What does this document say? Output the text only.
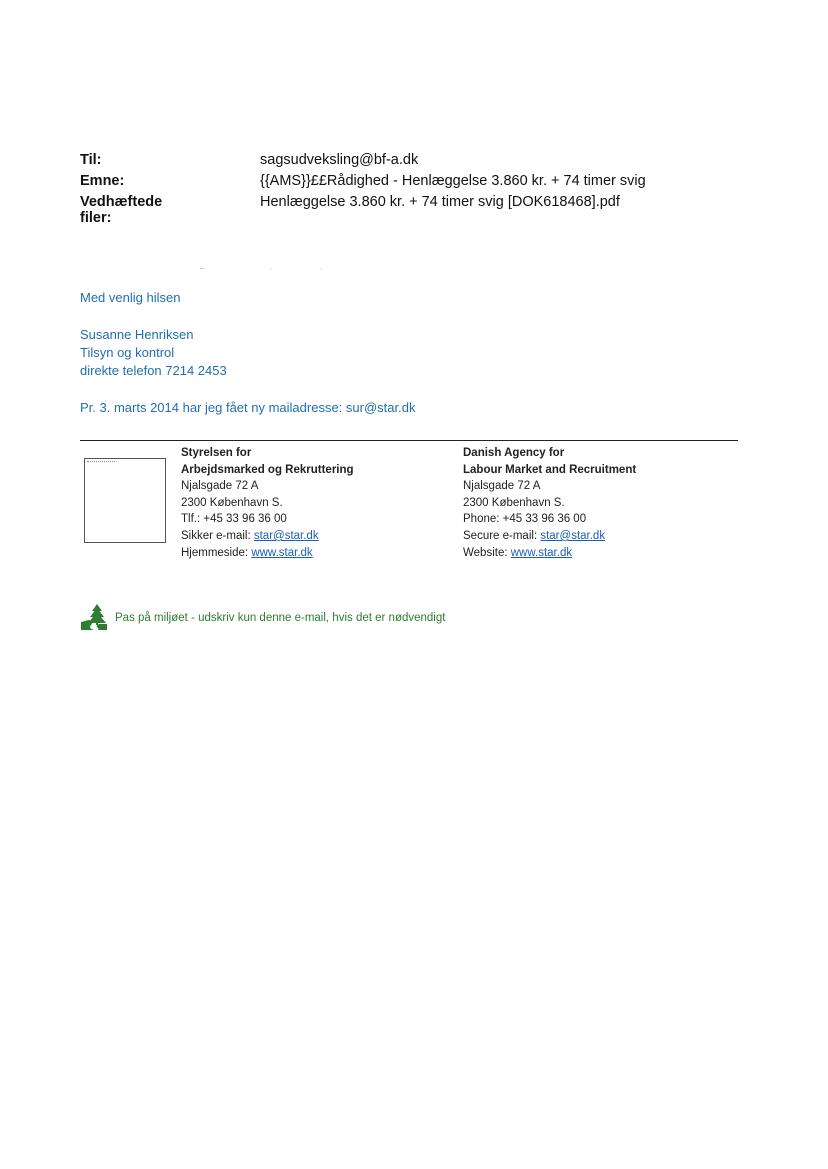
Til:	sagsudveksling@bf-a.dk
Emne:	{{AMS}}££Rådighed - Henlæggelse 3.860 kr. + 74 timer svig
Vedhæftede filer:
Henlæggelse 3.860 kr. + 74 timer svig [DOK618468].pdf
Med venlig hilsen
Susanne Henriksen
Tilsyn og kontrol
direkte telefon 7214 2453
Pr. 3. marts 2014 har jeg fået ny mailadresse: sur@star.dk
Styrelsen for
Arbejdsmarked og Rekruttering
Njalsgade 72 A
2300 København S.
Tlf.: +45 33 96 36 00
Sikker e-mail: star@star.dk
Hjemmeside: www.star.dk
Danish Agency for
Labour Market and Recruitment
Njalsgade 72 A
2300 København S.
Phone: +45 33 96 36 00
Secure e-mail: star@star.dk
Website: www.star.dk
Pas på miljøet - udskriv kun denne e-mail, hvis det er nødvendigt
